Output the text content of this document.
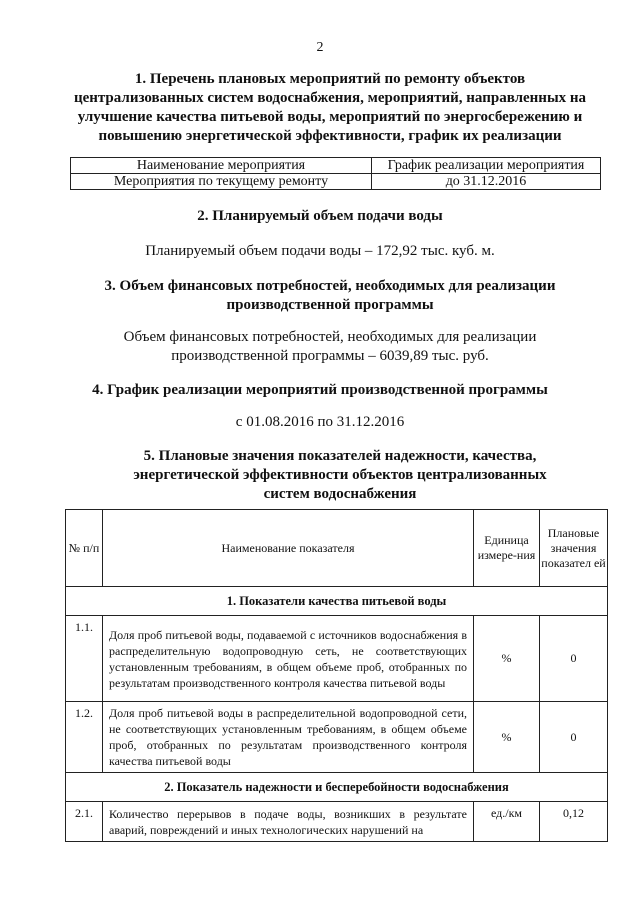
2
1. Перечень плановых мероприятий по ремонту объектов
централизованных систем водоснабжения, мероприятий, направленных на
улучшение качества питьевой воды, мероприятий по энергосбережению и
повышению энергетической эффективности, график их реализации
Наименование мероприятия	График реализации мероприятия
Мероприятия по текущему ремонту	до 31.12.2016
2. Планируемый объем подачи воды
Планируемый объем подачи воды – 172,92 тыс. куб. м.
3. Объем финансовых потребностей, необходимых для реализации
производственной программы
Объем финансовых потребностей, необходимых для реализации
производственной программы – 6039,89 тыс. руб.
4. График реализации мероприятий производственной программы
с 01.08.2016 по 31.12.2016
5. Плановые значения показателей надежности, качества,
энергетической эффективности объектов централизованных
систем водоснабжения
№ п/п	Наименование показателя	Единица измере-ния	Плановые значения показател ей
1. Показатели качества питьевой воды			
1.1.	Доля проб питьевой воды, подаваемой с источников водоснабжения в распределительную водопроводную сеть, не соответствующих установленным требованиям, в общем объеме проб, отобранных по результатам производственного контроля качества питьевой воды	%	0
1.2.	Доля проб питьевой воды в распределительной водопроводной сети, не соответствующих установленным требованиям, в общем объеме проб, отобранных по результатам производственного контроля качества питьевой воды	%	0
2. Показатель надежности и бесперебойности водоснабжения			
2.1.	Количество перерывов в подаче воды, возникших в результате аварий, повреждений и иных технологических нарушений на	ед./км	0,12
